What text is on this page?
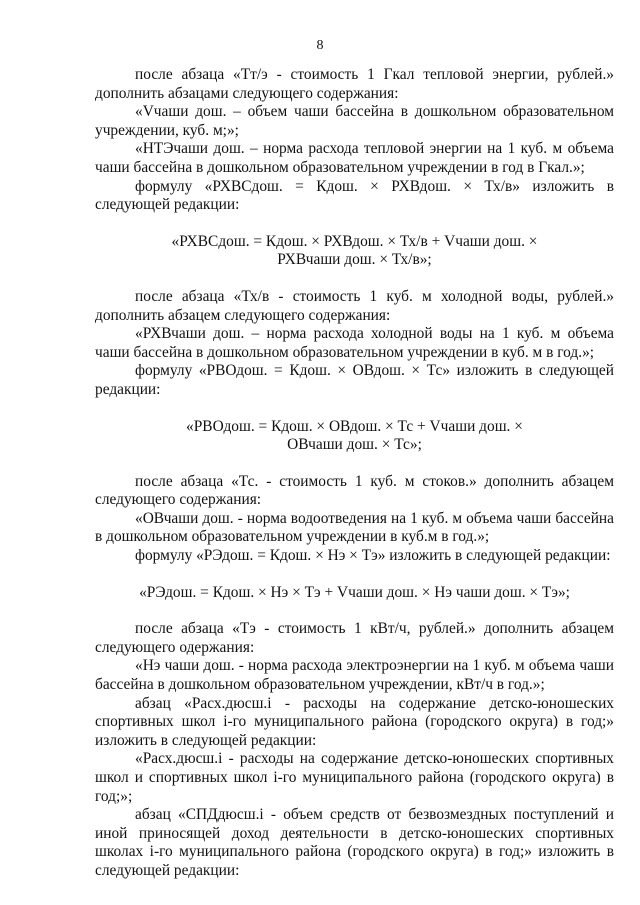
8

после абзаца «Тт/э - стоимость 1 Гкал тепловой энергии, рублей.» дополнить абзацами следующего содержания:

«Vчаши дош. – объем чаши бассейна в дошкольном образовательном учреждении, куб. м;»;

«НТЭчаши дош. – норма расхода тепловой энергии на 1 куб. м объема чаши бассейна в дошкольном образовательном учреждении в год в Гкал.»;

формулу «РХВСдош. = Кдош. × РХВдош. × Тх/в» изложить в следующей редакции:

«РХВСдош. = Кдош. × РХВдош. × Тх/в + Vчаши дош. ×
РХВчаши дош. × Тх/в»;

после абзаца «Тх/в - стоимость 1 куб. м холодной воды, рублей.» дополнить абзацем следующего содержания:

«РХВчаши дош. – норма расхода холодной воды на 1 куб. м объема чаши бассейна в дошкольном образовательном учреждении в куб. м в год.»;

формулу «РВОдош. = Кдош. × ОВдош. × Тс» изложить в следующей редакции:

«РВОдош. = Кдош. × ОВдош. × Тс + Vчаши дош. ×
ОВчаши дош. × Тс»;

после абзаца «Тс. - стоимость 1 куб. м стоков.» дополнить абзацем следующего содержания:

«ОВчаши дош. - норма водоотведения на 1 куб. м объема чаши бассейна в дошкольном образовательном учреждении в куб.м в год.»;

формулу «РЭдош. = Кдош. × Нэ × Тэ» изложить в следующей редакции:

«РЭдош. = Кдош. × Нэ × Тэ + Vчаши дош. × Нэ чаши дош. × Тэ»;

после абзаца «Тэ - стоимость 1 кВт/ч, рублей.» дополнить абзацем следующего одержания:

«Нэ чаши дош. - норма расхода электроэнергии на 1 куб. м объема чаши бассейна в дошкольном образовательном учреждении, кВт/ч в год.»;

абзац «Расх.дюсш.i - расходы на содержание детско-юношеских спортивных школ i-го муниципального района (городского округа) в год;» изложить в следующей редакции:

«Расх.дюсш.i - расходы на содержание детско-юношеских спортивных школ и спортивных школ i-го муниципального района (городского округа) в год;»;

абзац «СПДдюсш.i - объем средств от безвозмездных поступлений и иной приносящей доход деятельности в детско-юношеских спортивных школах i-го муниципального района (городского округа) в год;» изложить в следующей редакции:
